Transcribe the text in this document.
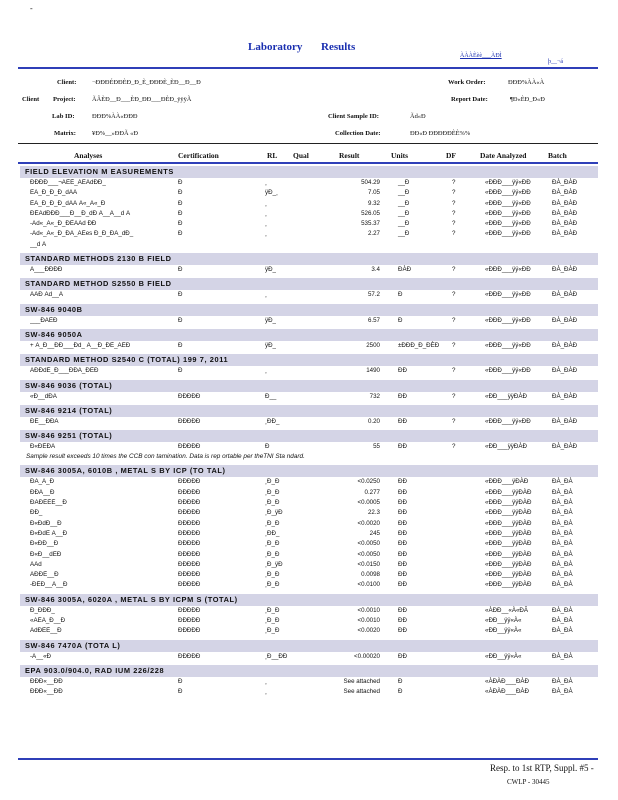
-
Laboratory Results
ÀÀÀÈèè___ÀÐÌ
þ__¬á
Client: ¬ÐÐÐÉÐÐÈÐ_Ð_È_ÐÐÐÈ_ÈÐ__Ð__Ð	Work Order:	ÐÐÐ%ÀÀ«À
Client Project:	ÃÂÈÐ__Ð___ÈÐ_ÐÐ___ÐÈÐ_ÿÿÿÃ	Report Date:	¶Ð«ÈÐ_Ð«Ð
Lab ID:	ÐÐÐ%ÀÀ«ÐÐÐ	Client Sample ID:	Ãd«Ð
Matrix:	¥Ð%__»ÐÐÃ «Ð	Collection Date:	ÐÐ«Ð ÐÐÐÐÐÈÈ%%
Analyses	Certification	RL Qual	Result	Units	DF	Date Analyzed	Batch
FIELD ELEVATION M EASUREMENTS
ÐÐÐÐ___¬ÃÈÈ_ÃÈÃdÐÐ_	Ð	¸	504.29	__Ð	?	«ÐÐÐ___ÿÿ«ÐÐ	ÐÀ_ÐÀÐ
ÈÃ_Ð_Ð_Ð_dÃÃ	Ð	ÿÐ_¸	7.05	__Ð	?	«ÐÐÐ___ÿÿ«ÐÐ	ÐÀ_ÐÀÐ
ÈÃ_Ð_Ð_Ð_dÃÃ Ã«_Ã«_Ð	Ð	¸	9.32	__Ð	?	«ÐÐÐ___ÿÿ«ÐÐ	ÐÀ_ÐÀÐ
ÐÈÃdÐÐÐ___Ð__Ð_dÐ Ã__Ã__d Ã	Ð	¸	526.05	__Ð	?	«ÐÐÐ___ÿÿ«ÐÐ	ÐÀ_ÐÀÐ
-Ãd«_Ã«_Ð_ÐÈÃÃd ÐÐ	Ð	¸	535.37	__Ð	?	«ÐÐÐ___ÿÿ«ÐÐ	ÐÀ_ÐÀÐ
-Ãd«_Ã«_Ð_ÐÃ_ÃÈes Ð_Ð_ÐÃ_dÐ_	Ð	¸	2.27	__Ð	?	«ÐÐÐ___ÿÿ«ÐÐ	ÐÀ_ÐÀÐ
__d Ã
STANDARD METHODS 2130 B FIELD
Ã___ÐÐÐÐ	Ð	ÿÐ_	3.4	ÐÀÐ	?	«ÐÐÐ___ÿÿ«ÐÐ	ÐÀ_ÐÀÐ
STANDARD METHOD S2550 B FIELD
ÃÃÐ Ãd__Ã	Ð	¸	57.2	Ð	?	«ÐÐÐ___ÿÿ«ÐÐ	ÐÀ_ÐÀÐ
SW-846 9040B
___ÐÃÈÐ	Ð	ÿÐ_	6.57	Ð	?	«ÐÐÐ___ÿÿ«ÐÐ	ÐÀ_ÐÀÐ
SW-846 9050A
+ Ã_Ð__ÐÐ___Ðd_ Ã__Ð_ÐÈ_ÃÈÐ	Ð	ÿÐ_	2500	±ÐÐÐ_Ð_ÐÈÐ ?	«ÐÐÐ___ÿÿ«ÐÐ	ÐÀ_ÐÀÐ
STANDARD METHOD S2540 C (TOTAL) 199 7, 2011
ÃÐÐdÈ_Ð___ÐÐÃ_ÐÈÐ	Ð	¸	1490	ÐÐ	?	«ÐÐÐ___ÿÿ«ÐÐ	ÐÀ_ÐÀÐ
SW-846 9036 (TOTAL)
«Ð__dÐÃ	ÐÐÐÐÐ	Ð__	732	ÐÐ	?	«ÐÐ___ÿÿÐÀÐ	ÐÀ_ÐÀÐ
SW-846 9214 (TOTAL)
ÐÈ__ÐÐÃ	ÐÐÐÐÐ	¸ÐÐ_	0.20	ÐÐ	?	«ÐÐÐ___ÿÿ«ÐÐ	ÐÀ_ÐÀÐ
SW-846 9251 (TOTAL)
Ð«ÐÈÐÃ	ÐÐÐÐÐ	Ð	55	ÐÐ	?	«ÐÐ___ÿÿÐÀÐ	ÐÀ_ÐÀÐ
Sample result exceeds 10 times the CCB con tamination. Data is rep ortable per theTNI Sta ndard.
SW-846 3005A, 6010B , METAL S BY ICP (TO TAL)
ÐÃ_Ã_Ð	ÐÐÐÐÐ	¸Ð_Ð	<0.0250	ÐÐ	«ÐÐÐ___ÿÐÀÐ	ÐÀ_ÐÀ
ÐÐÃ__Ð	ÐÐÐÐÐ	¸Ð_Ð	0.277	ÐÐ	«ÐÐÐ___ÿÿÐÀÐ	ÐÀ_ÐÀ
ÐÃÐÈÈÈ__Ð	ÐÐÐÐÐ	¸Ð_Ð	<0.0005	ÐÐ	«ÐÐÐ___ÿÿÐÀÐ	ÐÀ_ÐÀ
ÐÐ_	ÐÐÐÐÐ	¸Ð_ÿÐ	22.3	ÐÐ	«ÐÐÐ___ÿÿÐÀÐ	ÐÀ_ÐÀ
Ð«ÐdÐ__Ð	ÐÐÐÐÐ	¸Ð_Ð	<0.0020	ÐÐ	«ÐÐÐ___ÿÿÐÀÐ	ÐÀ_ÐÀ
Ð«ÐdÈ Ã__Ð	ÐÐÐÐÐ	¸ÐÐ_	245	ÐÐ	«ÐÐÐ___ÿÿÐÀÐ	ÐÀ_ÐÀ
Ð«ÐÐ__Ð	ÐÐÐÐÐ	¸Ð_Ð	<0.0050	ÐÐ	«ÐÐÐ___ÿÿÐÀÐ	ÐÀ_ÐÀ
Ð«Ð__dÈÐ	ÐÐÐÐÐ	¸Ð_Ð	<0.0050	ÐÐ	«ÐÐÐ___ÿÿÐÀÐ	ÐÀ_ÐÀ
ÃÃd	ÐÐÐÐÐ	¸Ð_ÿÐ	<0.0150	ÐÐ	«ÐÐÐ___ÿÿÐÀÐ	ÐÀ_ÐÀ
ÃÐÐÈ__Ð	ÐÐÐÐÐ	¸Ð_Ð	0.0098	ÐÐ	«ÐÐÐ___ÿÿÐÀÐ	ÐÀ_ÐÀ
-ÐÈÐ__Ã__Ð	ÐÐÐÐÐ	¸Ð_Ð	<0.0100	ÐÐ	«ÐÐÐ___ÿÿÐÀÐ	ÐÀ_ÐÀ
SW-846 3005A, 6020A , METAL S BY ICPM S (TOTAL)
Ð_ÐÐÐ_	ÐÐÐÐÐ	¸Ð_Ð	<0.0010	ÐÐ	«ÀÐÐ__«À«ÐÃ	ÐÀ_ÐÀ
«ÃÈÃ_Ð__Ð	ÐÐÐÐÐ	¸Ð_Ð	<0.0010	ÐÐ	«ÐÐ__ÿÿ«À«	ÐÀ_ÐÀ
ÃdÐÈÈ__Ð	ÐÐÐÐÐ	¸Ð_Ð	<0.0020	ÐÐ	«ÐÐ__ÿÿ«À«	ÐÀ_ÐÀ
SW-846 7470A (TOTA L)
-Ã__«Ð	ÐÐÐÐÐ	¸Ð__ÐÐ	<0.00020	ÐÐ	«ÐÐ__ÿÿ«À«	ÐÀ_ÐÀ
EPA 903.0/904.0, RAD IUM 226/228
ÐÐÐ«__ÐÐ	Ð	¸	See attached	Ð	«ÀÐÀÐ___ÐÀÐ	ÐÀ_ÐÀ
ÐÐÐ«__ÐÐ	Ð	¸	See attached	Ð	«ÀÐÀÐ___ÐÀÐ	ÐÀ_ÐÀ
Resp. to 1st RTP, Suppl. #5 -
CWLP - 30445
